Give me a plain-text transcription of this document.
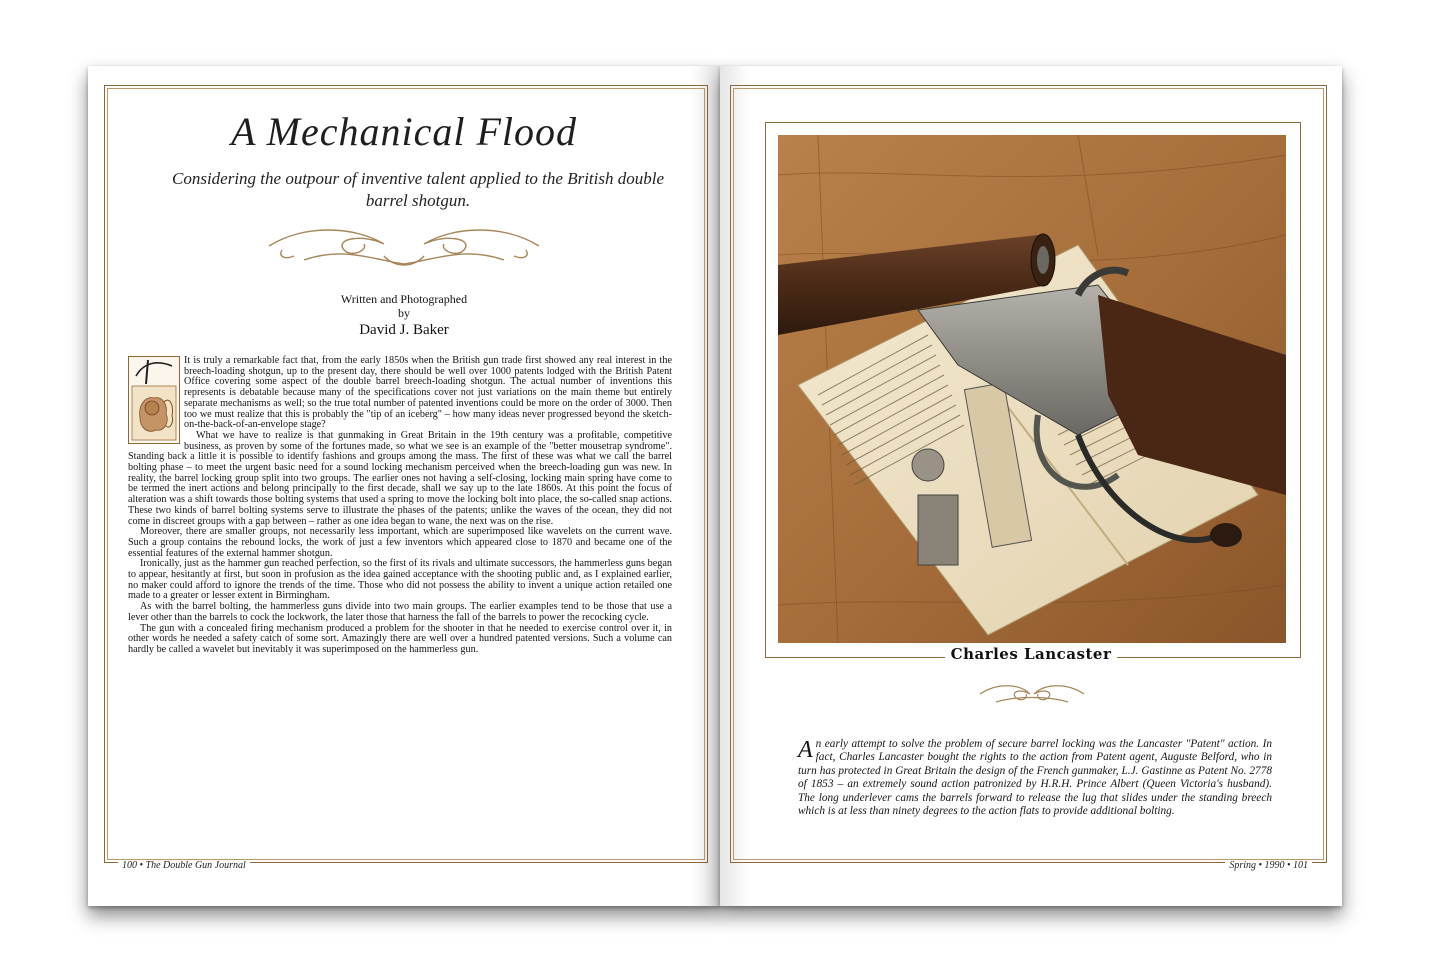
A Mechanical Flood
Considering the outpour of inventive talent applied to the British double barrel shotgun.
Written and Photographed
by
David J. Baker

It is truly a remarkable fact that, from the early 1850s when the British gun trade first showed any real interest in the breech-loading shotgun, up to the present day, there should be well over 1000 patents lodged with the British Patent Office covering some aspect of the double barrel breech-loading shotgun. The actual number of inventions this represents is debatable because many of the specifications cover not just variations on the main theme but entirely separate mechanisms as well; so the true total number of patented inventions could be more on the order of 3000. Then too we must realize that this is probably the "tip of an iceberg" – how many ideas never progressed beyond the sketch-on-the-back-of-an-envelope stage?

What we have to realize is that gunmaking in Great Britain in the 19th century was a profitable, competitive business, as proven by some of the fortunes made, so what we see is an example of the "better mousetrap syndrome". Standing back a little it is possible to identify fashions and groups among the mass. The first of these was what we call the barrel bolting phase – to meet the urgent basic need for a sound locking mechanism perceived when the breech-loading gun was new. In reality, the barrel locking group split into two groups. The earlier ones not having a self-closing, locking main spring have come to be termed the inert actions and belong principally to the first decade, shall we say up to the late 1860s. At this point the focus of alteration was a shift towards those bolting systems that used a spring to move the locking bolt into place, the so-called snap actions. These two kinds of barrel bolting systems serve to illustrate the phases of the patents; unlike the waves of the ocean, they did not come in discreet groups with a gap between – rather as one idea began to wane, the next was on the rise.

Moreover, there are smaller groups, not necessarily less important, which are superimposed like wavelets on the current wave. Such a group contains the rebound locks, the work of just a few inventors which appeared close to 1870 and became one of the essential features of the external hammer shotgun.

Ironically, just as the hammer gun reached perfection, so the first of its rivals and ultimate successors, the hammerless guns began to appear, hesitantly at first, but soon in profusion as the idea gained acceptance with the shooting public and, as I explained earlier, no maker could afford to ignore the trends of the time. Those who did not possess the ability to invent a unique action retailed one made to a greater or lesser extent in Birmingham.

As with the barrel bolting, the hammerless guns divide into two main groups. The earlier examples tend to be those that use a lever other than the barrels to cock the lockwork, the later those that harness the fall of the barrels to power the recocking cycle.

The gun with a concealed firing mechanism produced a problem for the shooter in that he needed to exercise control over it, in other words he needed a safety catch of some sort. Amazingly there are well over a hundred patented versions. Such a volume can hardly be called a wavelet but inevitably it was superimposed on the hammerless gun.

100 • The Double Gun Journal
Charles Lancaster
An early attempt to solve the problem of secure barrel locking was the Lancaster "Patent" action. In fact, Charles Lancaster bought the rights to the action from Patent agent, Auguste Belford, who in turn has protected in Great Britain the design of the French gunmaker, L.J. Gastinne as Patent No. 2778 of 1853 – an extremely sound action patronized by H.R.H. Prince Albert (Queen Victoria's husband). The long underlever cams the barrels forward to release the lug that slides under the standing breech which is at less than ninety degrees to the action flats to provide additional bolting.
Spring • 1990 • 101
